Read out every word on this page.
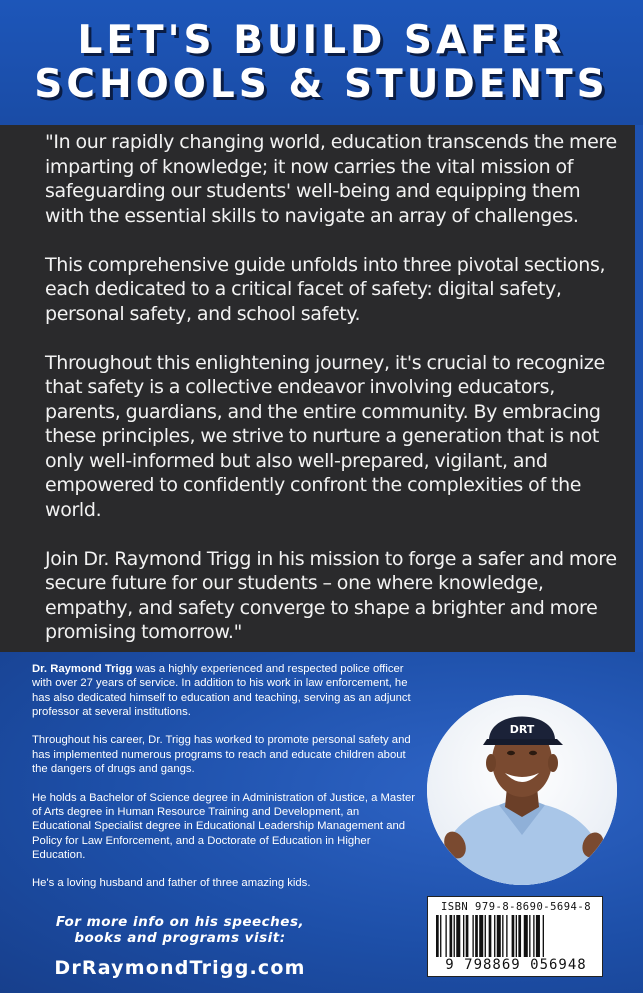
LET'S BUILD SAFER
SCHOOLS & STUDENTS

"In our rapidly changing world, education transcends the mere imparting of knowledge; it now carries the vital mission of safeguarding our students' well-being and equipping them with the essential skills to navigate an array of challenges.

This comprehensive guide unfolds into three pivotal sections, each dedicated to a critical facet of safety: digital safety, personal safety, and school safety.

Throughout this enlightening journey, it's crucial to recognize that safety is a collective endeavor involving educators, parents, guardians, and the entire community. By embracing these principles, we strive to nurture a generation that is not only well-informed but also well-prepared, vigilant, and empowered to confidently confront the complexities of the world.

Join Dr. Raymond Trigg in his mission to forge a safer and more secure future for our students – one where knowledge, empathy, and safety converge to shape a brighter and more promising tomorrow."

Dr. Raymond Trigg was a highly experienced and respected police officer with over 27 years of service. In addition to his work in law enforcement, he has also dedicated himself to education and teaching, serving as an adjunct professor at several institutions.

Throughout his career, Dr. Trigg has worked to promote personal safety and has implemented numerous programs to reach and educate children about the dangers of drugs and gangs.

He holds a Bachelor of Science degree in Administration of Justice, a Master of Arts degree in Human Resource Training and Development, an Educational Specialist degree in Educational Leadership Management and Policy for Law Enforcement, and a Doctorate of Education in Higher Education.

He's a loving husband and father of three amazing kids.

DRT
For more info on his speeches,
books and programs visit:
DrRaymondTrigg.com
ISBN 979-8-8690-5694-8
9 798869 056948
